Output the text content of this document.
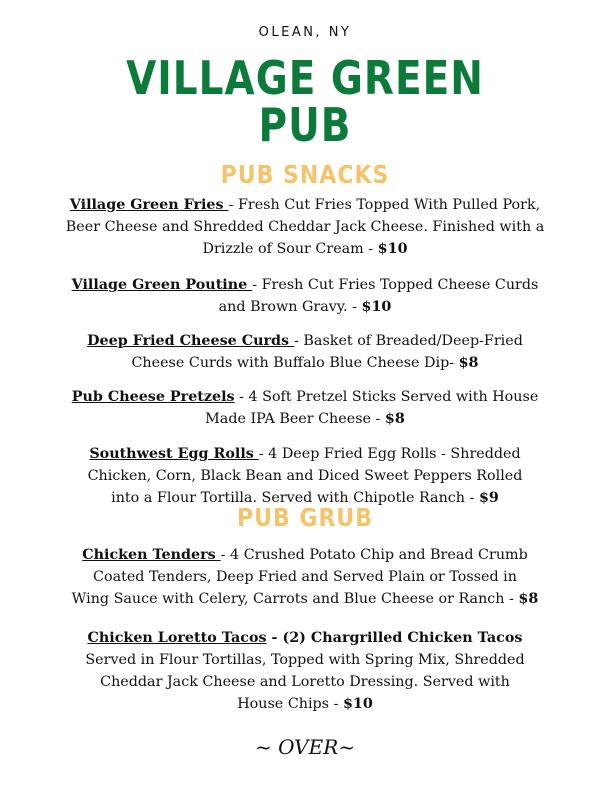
OLEAN, NY
VILLAGE GREEN
PUB
PUB SNACKS
Village Green Fries - Fresh Cut Fries Topped With Pulled Pork,
Beer Cheese and Shredded Cheddar Jack Cheese. Finished with a
Drizzle of Sour Cream - $10
Village Green Poutine - Fresh Cut Fries Topped Cheese Curds
and Brown Gravy. - $10
Deep Fried Cheese Curds - Basket of Breaded/Deep-Fried
Cheese Curds with Buffalo Blue Cheese Dip- $8
Pub Cheese Pretzels - 4 Soft Pretzel Sticks Served with House
Made IPA Beer Cheese - $8
Southwest Egg Rolls - 4 Deep Fried Egg Rolls - Shredded
Chicken, Corn, Black Bean and Diced Sweet Peppers Rolled
into a Flour Tortilla. Served with Chipotle Ranch - $9
PUB GRUB
Chicken Tenders - 4 Crushed Potato Chip and Bread Crumb
Coated Tenders, Deep Fried and Served Plain or Tossed in
Wing Sauce with Celery, Carrots and Blue Cheese or Ranch - $8
Chicken Loretto Tacos - (2) Chargrilled Chicken Tacos
Served in Flour Tortillas, Topped with Spring Mix, Shredded
Cheddar Jack Cheese and Loretto Dressing. Served with
House Chips - $10
~ OVER~
